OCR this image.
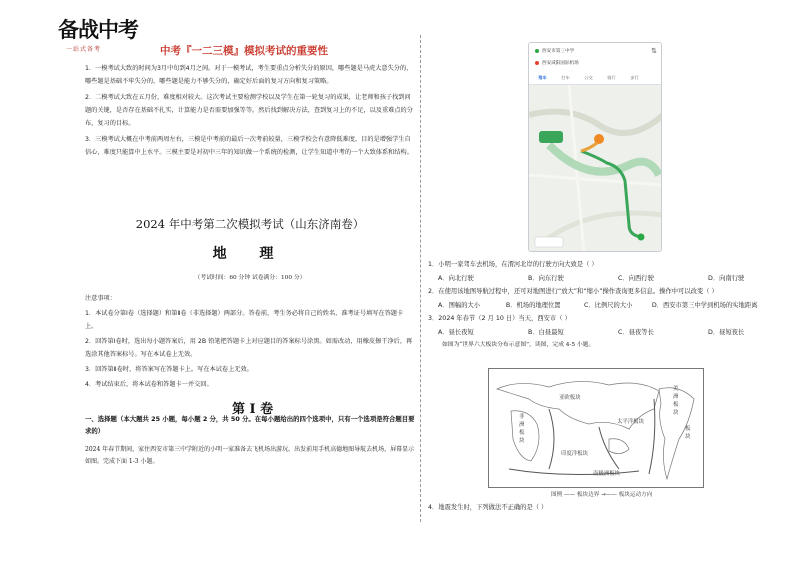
备战中考
一站式备考	中考『一二三模』模拟考试的重要性

1．一模考试大致的时间为3月中旬到4月之间。对于一模考试，考生要重点分析失分的原因，哪些题是马虎大意失分的，哪些题是基础不牢失分的，哪些题是能力不够失分的，确定好后面的复习方向和复习策略。

2．二模考试大致在五月份，难度相对较大。这次考试主要检测学校以及学生在第一轮复习的成果，让老师和孩子找到问题的关键，是否存在基础不扎实，计算能力是否需要加强等等。然后找到解决方法，查到复习上的不足，以及重难点的分布，复习的目标。

3．三模考试大概在中考前两周左右，三模是中考前的最后一次考前较量，三模学校会有意降低难度，目的是增强学生自信心，难度只能算中上水平。三模主要是对初中三年的知识做一个系统的检测，让学生知道中考的一个大致体系和结构。

2024 年中考第二次模拟考试（山东济南卷）
地 理
（考试时间：60 分钟 试卷满分：100 分）

注意事项：

1．本试卷分第Ⅰ卷（选择题）和第Ⅱ卷（非选择题）两部分。答卷前，考生务必将自己的姓名、准考证号填写在答题卡上。

2．回答第Ⅰ卷时，选出每小题答案后，用 2B 铅笔把答题卡上对应题目的答案标号涂黑。如需改动，用橡皮擦干净后，再选涂其他答案标号。写在本试卷上无效。

3．回答第Ⅱ卷时，将答案写在答题卡上。写在本试卷上无效。

4．考试结束后，将本试卷和答题卡一并交回。

第 Ⅰ 卷
一、选择题（本大题共 25 小题，每小题 2 分，共 50 分。在每小题给出的四个选项中，只有一个选项是符合题目要求的）
2024 年春节期间，家住西安市第三中学附近的小明一家准备去飞机场出游玩。出发前用手机高德地图导航去机场，屏幕显示如图。完成下面 1-3 小题。
⇅
西安市第三中学
西安咸阳国际机场
驾车	打车	公交	骑行	步行
1．小明一家驾车去机场，在渭河北岸的行驶方向大致是（ ）
A．向北行驶	B．向东行驶	C．向西行驶	D．向南行驶
2．在使用该地图导航过程中，还可对地图进行“放大”和“缩小”操作查询更多信息。操作中可以改变（ ）
A．图幅的大小	B．机场的地理位置	C．比例尺的大小	D．西安市第三中学到机场的实地距离
3．2024 年春节（2 月 10 日）当天，西安市（ ）
A．昼长夜短	B．白昼最短	C．昼夜等长	D．昼短夜长
如图为“世界六大板块分布示意图”，读图，完成 4-5 小题。
亚欧板块
美洲板块
非洲板块
太平洋板块
板块
印度洋板块
南极洲板块
图例 —— 板块边界 →—— 板块运动方向
4．地震发生时，下列做法不正确的是（ ）
